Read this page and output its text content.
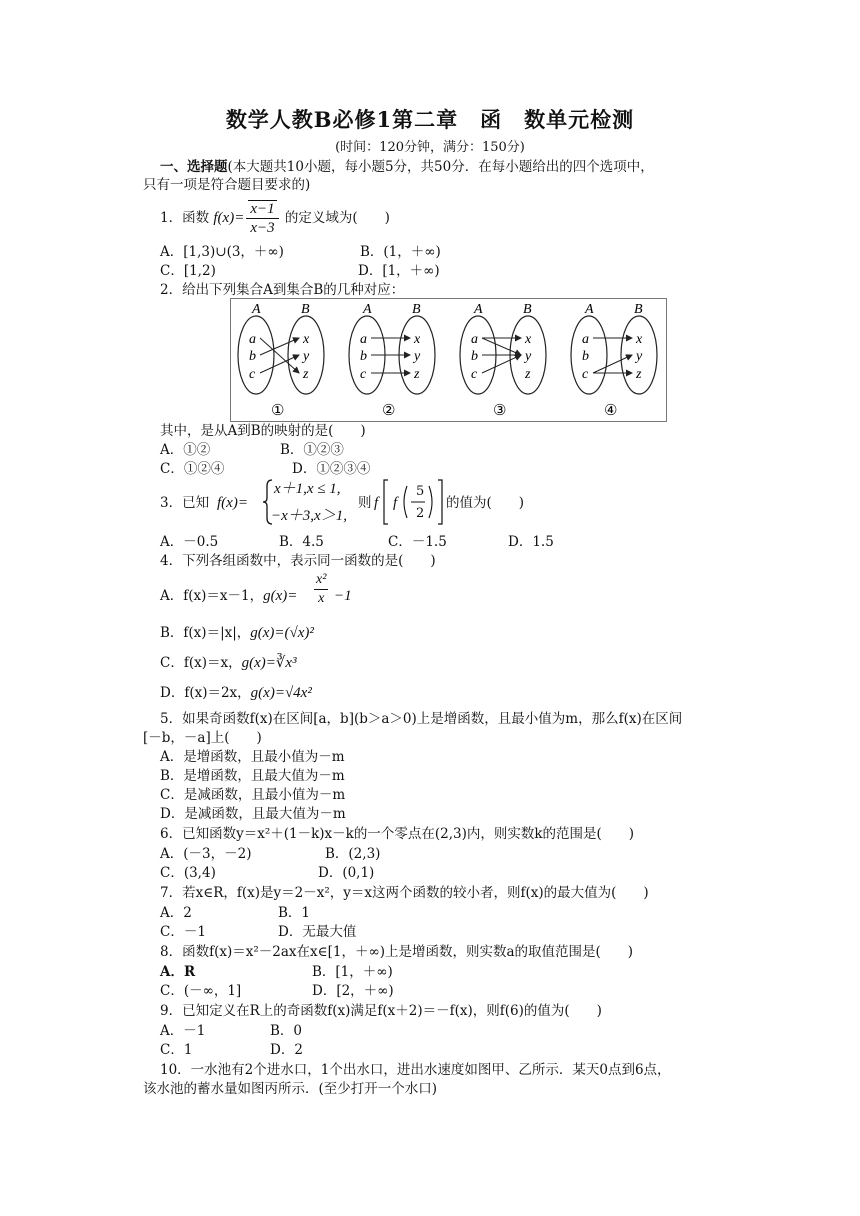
数学人教B必修1第二章　函　数单元检测
(时间：120分钟，满分：150分)
一、选择题(本大题共10小题，每小题5分，共50分．在每小题给出的四个选项中，
只有一项是符合题目要求的)
1．函数 $f(x)= \frac{x-1}{x-3}$ 的定义域为(　　)
A．[1,3)∪(3，＋∞)	B．(1，＋∞)
C．[1,2)	D．[1，＋∞)
2．给出下列集合A到集合B的几种对应：
A	B
a
b
c
x
y
z
①
A	B
a
b
c
x
y
z
②
A	B
a
b
c
x
y
z
③
A	B
a
b
c
x
y
z
④
其中，是从A到B的映射的是(　　)
A．①②	B．①②③
C．①②④	D．①②③④
3．已知 f(x)=
x＋1,x ≤ 1,
−x＋3,x＞1,
则 f f
5
2
的值为(　　)
A．－0.5	B．4.5	C．－1.5	D．1.5
4．下列各组函数中，表示同一函数的是(　　)
A．f(x)＝x－1，$g(x)= \frac{\text{x²}}{x} -1$
B．f(x)＝|x|，g(x)=(√x)²
C．f(x)＝x，g(x)=∛x³
D．f(x)＝2x，g(x)=√4x²
5．如果奇函数f(x)在区间[a，b](b＞a＞0)上是增函数，且最小值为m，那么f(x)在区间
[－b，－a]上(　　)
A．是增函数，且最小值为－m
B．是增函数，且最大值为－m
C．是减函数，且最小值为－m
D．是减函数，且最大值为－m
6．已知函数y＝x²＋(1－k)x－k的一个零点在(2,3)内，则实数k的范围是(　　)
A．(－3，－2)	B．(2,3)
C．(3,4)	D．(0,1)
7．若x∈R，f(x)是y＝2－x²，y＝x这两个函数的较小者，则f(x)的最大值为(　　)
A．2	B．1
C．－1	D．无最大值
8．函数f(x)＝x²－2ax在x∈[1，＋∞)上是增函数，则实数a的取值范围是(　　)
A．R	B．[1，＋∞)
C．(－∞，1]	D．[2，＋∞)
9．已知定义在R上的奇函数f(x)满足f(x＋2)＝－f(x)，则f(6)的值为(　　)
A．－1	B．0
C．1	D．2
10．一水池有2个进水口，1个出水口，进出水速度如图甲、乙所示．某天0点到6点，
该水池的蓄水量如图丙所示．(至少打开一个水口)
